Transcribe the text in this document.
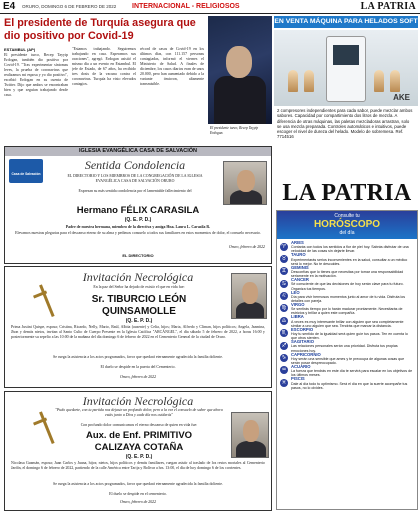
E4	ORURO, DOMINGO 6 DE FEBRERO DE 2022	INTERNACIONAL - RELIGIOSOS	LA PATRIA
El presidente de Turquía asegura que dio positivo por Covid-19
ESTAMBUL (AP)

El presidente turco, Recep Tayyip Erdogan, también dio positivo por Covid-19. "Tras experimentar síntomas leves, la prueba de coronavirus que realizamos mi esposa y yo dio positivo", escribió Erdogan en su cuenta de Twitter. Dijo que ambos se encontraban bien y que seguían trabajando desde casa.

"Estamos trabajando. Seguiremos trabajando en casa. Esperamos sus oraciones", agregó. Erdogan asistió el mismo día a un evento en Estambul. El jefe de Estado, de 67 años, ha recibido tres dosis de la vacuna contra el coronavirus. Turquía ha visto elevados contagios.

récord de casos de Covid-19 en los últimos días, con 111.157 personas contagiadas, informó el viernes el Ministerio de Salud. A finales de diciembre, los casos diarios eran de unos 20.000, pero han aumentado debido a la variante ómicron, altamente transmisible.

El presidente turco, Recep Tayyip Erdogan.
EN VENTA MÁQUINA PARA HELADOS SOFT
AKE

2 compresores independientes para cada sabor, puede mezclar ambos sabores. Capacidad por compartimiento dos litros de mezcla. A diferencia de otras máquinas, las paletas mezcladoras arrastran, solo se usa mezcla preparada. Controles automáticos e intuitivos, puede escoger el nivel de dureza del helado. Modelo de sobremesa. Ref. 7714516

IGLESIA EVANGÉLICA CASA DE SALVACIÓN
Casa de Salvación
Sentida Condolencia

EL DIRECTORIO Y LOS MIEMBROS DE LA CONGREGACIÓN DE LA IGLESIA EVANGÉLICA CASA DE SALVACIÓN ORURO

Expresan su más sentida condolencia por el lamentable fallecimiento del

Hermano FÉLIX CARASILA
(Q. E. P. D.)

Padre de nuestra hermana, miembro de la directiva y amiga Hna. Laura L. Carasila R.

Elevamos nuestras plegarias para el descanso eterno de su alma y pedimos consuelo a todos sus familiares en estos momentos de dolor, el consuelo necesario.

Oruro, febrero de 2022
EL DIRECTORIO
Invitación Necrológica

En la paz del Señor ha dejado de existir el que en vida fue:

Sr. TIBURCIO LEÓN
QUINSAMOLLE
(Q. E. P. D.)

Prima Justini Quispe, esposa; Cristina, Ricardo, Nelly, Mario, Raúl, Albita (ausente) y Celia, hijos; Marta, Alfredo y Climan, hijos políticos; Angela, Jazmina, Jhon y demás nietos, invitan al Santo Culto de Cuerpo Presente en la Iglesia Católica "ARCÁNGEL", el día sábado 5 de febrero de 2022, a horas 16:00 y posteriormente su sepelio a las 10:00 de la mañana del día domingo 6 de febrero de 2022 en el Cementerio General de la ciudad de Oruro.

Se ruega la asistencia a los actos programados, favor que quedará eternamente agradecida la familia doliente.

El duelo se despide en la puerta del Cementerio.

Oruro, febrero de 2022
Invitación Necrológica

"Pudo quedarte, con tu partida nos dejaste un profundo dolor, pero a la vez el consuelo de saber que ahora estás junto a Dios y cada día nos cuidarás"

Con profundo dolor comunicamos el eterno descanso de quien en vida fue:

Aux. de Enf. PRIMITIVO
CALIZAYA COTAÑA
(Q. E. P. D.)

Nicolasa Guzmán, esposa; Juan Carlos y Juana, hijos; nietos, hijos políticos y demás familiares, ruegan asistir al traslado de los restos mortales al Cementerio Jardín, el domingo 6 de febrero de 2022, partiendo de la calle América entre Tarija y Bolívar a hrs. 13:00, el día de hoy domingo 6 de los corrientes.

Se ruega la asistencia a los actos programados, favor que quedará eternamente agradecida la familia doliente.

El duelo se despide en el cementerio.

Oruro, febrero de 2022
LA PATRIA
Consulte tu
HORÓSCOPO
del día
♈
ARIES
Contarás con todos los sentidos a flor de piel hoy. Sabrás disfrutar de una velocidad de las cosas sin dejarte llevar.
♉
TAURO
Experimentarás serios inconvenientes en la salud, consultar a un médico será lo mejor. No te descuides.
♊
GÉMINIS
Desconfías que lo tienes que necesitas por tomar una responsabilidad seriamente en la motivación.
♋
CÁNCER
Sé consciente de que las decisiones de hoy serán clave para tu futuro. Organiza tus tiempos.
♌
LEO
Día para vivir hermosos momentos junto al amor de tu vida. Disfruta los detalles con pareja.
♍
VIRGO
Se sentirás tiempo por lo harán madurar prontamente. Necesitarás de estrictos y brillar a quien este compañía.
♎
LIBRA
A veces es muy interesante brillar con alguien que sea completamente similar a uno alguien que sea. Tendrás que marcar la distancia.
♏
ESCORPIO
Hoy tu sentido de la igualdad será quien guíe tus pasos. Ten en cuenta lo que otros sienten.
♐
SAGITARIO
Las relaciones personales serán una prioridad. Disfruta tus propias emociones hoy.
♑
CAPRICORNIO
Hoy serán una sensible que ames y te preocupa de algunas cosas que serán posar despreocupado.
♒
ACUARIO
La fuerza que tendrás en este día te servirá para escalar en los objetivos de los últimos meses.
♓
PISCIS
Dale al día todo tu optimismo. Será el día en que la suerte acompañe tus pasos, no lo olvides.
